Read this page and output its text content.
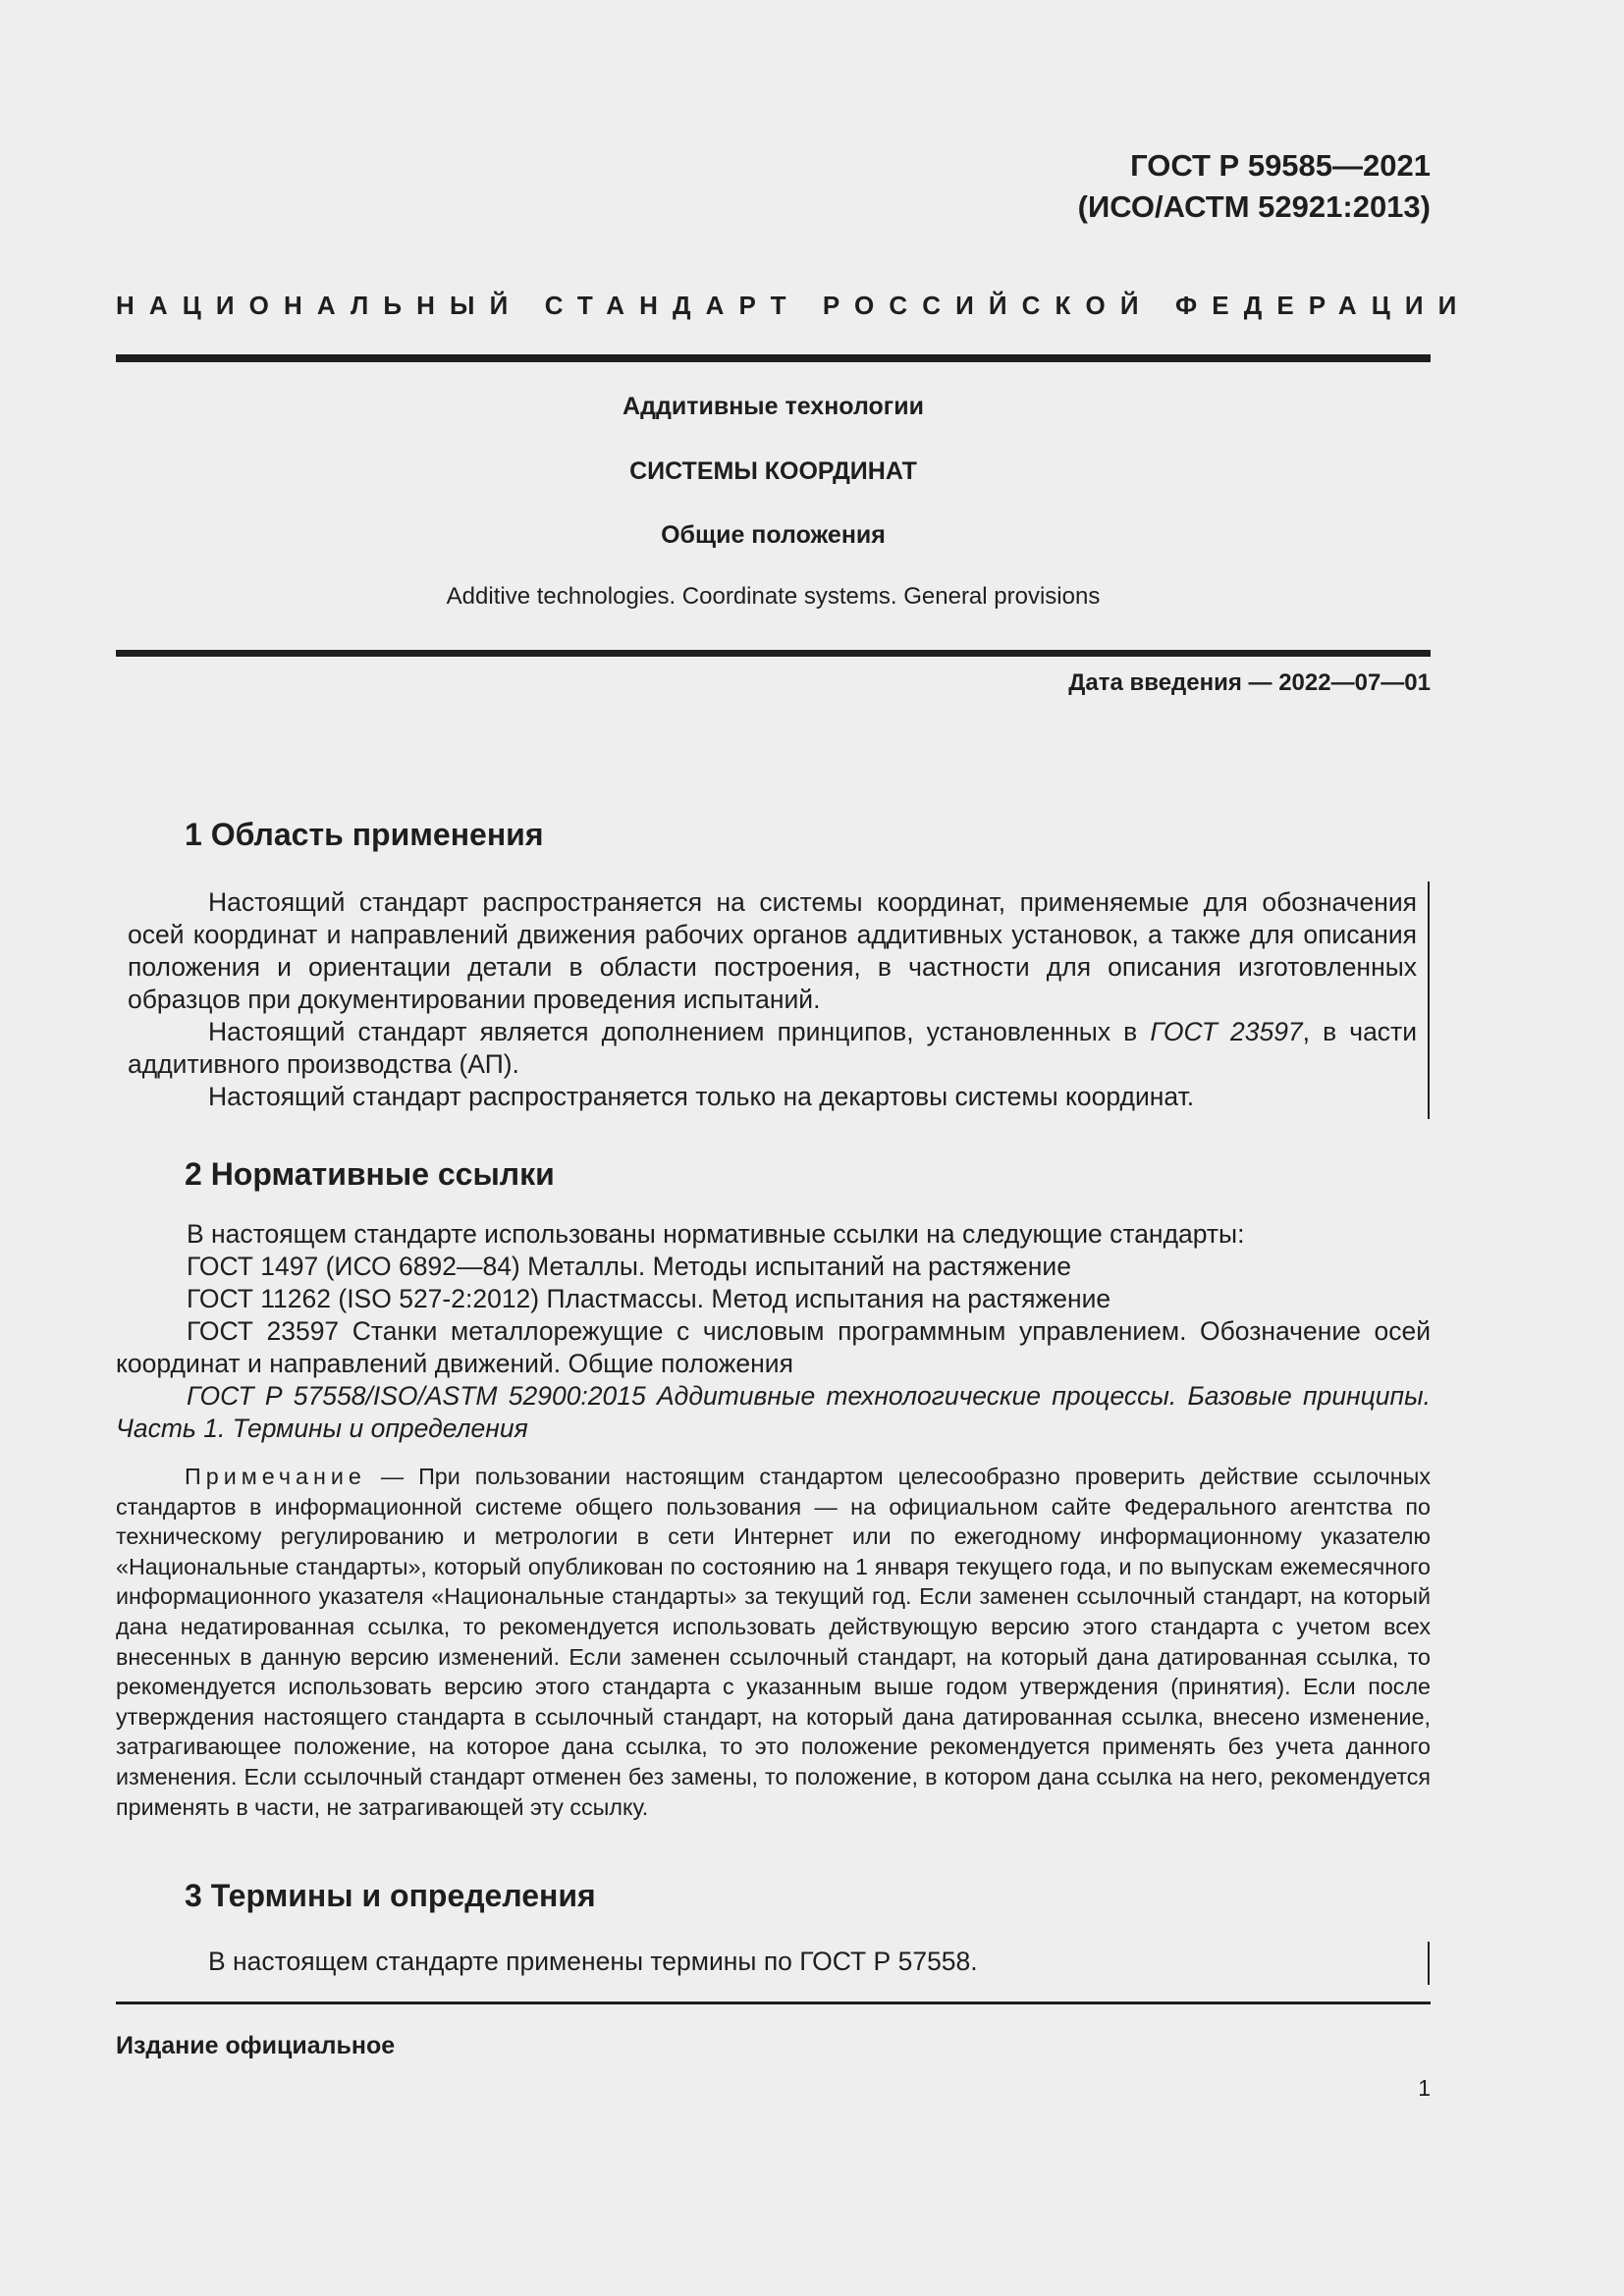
ГОСТ Р 59585—2021
(ИСО/АСТМ 52921:2013)
НАЦИОНАЛЬНЫЙ СТАНДАРТ РОССИЙСКОЙ ФЕДЕРАЦИИ
Аддитивные технологии
СИСТЕМЫ КООРДИНАТ
Общие положения
Additive technologies. Coordinate systems. General provisions
Дата введения — 2022—07—01
1 Область применения

Настоящий стандарт распространяется на системы координат, применяемые для обозначения осей координат и направлений движения рабочих органов аддитивных установок, а также для описания положения и ориентации детали в области построения, в частности для описания изготовленных образцов при документировании проведения испытаний.

Настоящий стандарт является дополнением принципов, установленных в ГОСТ 23597, в части аддитивного производства (АП).

Настоящий стандарт распространяется только на декартовы системы координат.

2 Нормативные ссылки

В настоящем стандарте использованы нормативные ссылки на следующие стандарты:

ГОСТ 1497 (ИСО 6892—84) Металлы. Методы испытаний на растяжение

ГОСТ 11262 (ISO 527-2:2012) Пластмассы. Метод испытания на растяжение

ГОСТ 23597 Станки металлорежущие с числовым программным управлением. Обозначение осей координат и направлений движений. Общие положения

ГОСТ Р 57558/ISO/ASTM 52900:2015 Аддитивные технологические процессы. Базовые принципы. Часть 1. Термины и определения

Примечание — При пользовании настоящим стандартом целесообразно проверить действие ссылочных стандартов в информационной системе общего пользования — на официальном сайте Федерального агентства по техническому регулированию и метрологии в сети Интернет или по ежегодному информационному указателю «Национальные стандарты», который опубликован по состоянию на 1 января текущего года, и по выпускам ежемесячного информационного указателя «Национальные стандарты» за текущий год. Если заменен ссылочный стандарт, на который дана недатированная ссылка, то рекомендуется использовать действующую версию этого стандарта с учетом всех внесенных в данную версию изменений. Если заменен ссылочный стандарт, на который дана датированная ссылка, то рекомендуется использовать версию этого стандарта с указанным выше годом утверждения (принятия). Если после утверждения настоящего стандарта в ссылочный стандарт, на который дана датированная ссылка, внесено изменение, затрагивающее положение, на которое дана ссылка, то это положение рекомендуется применять без учета данного изменения. Если ссылочный стандарт отменен без замены, то положение, в котором дана ссылка на него, рекомендуется применять в части, не затрагивающей эту ссылку.

3 Термины и определения

В настоящем стандарте применены термины по ГОСТ Р 57558.

Издание официальное
1
